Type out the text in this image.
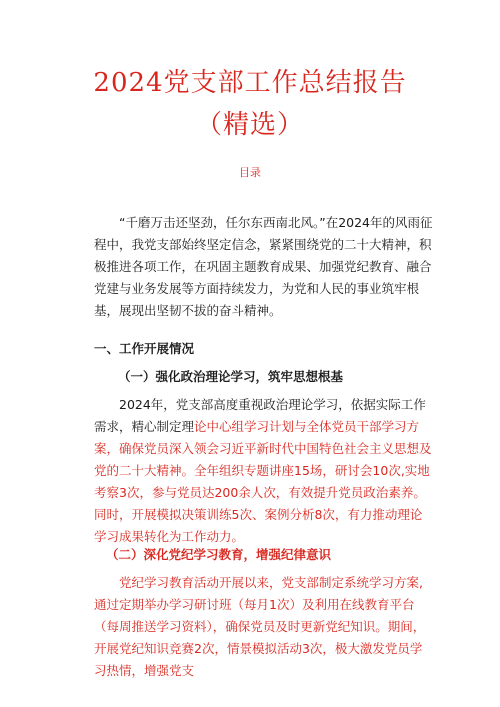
2024党支部工作总结报告
（精选）
目录

“千磨万击还坚劲，任尔东西南北风。”在2024年的风雨征程中，我党支部始终坚定信念，紧紧围绕党的二十大精神，积极推进各项工作，在巩固主题教育成果、加强党纪教育、融合党建与业务发展等方面持续发力，为党和人民的事业筑牢根基，展现出坚韧不拔的奋斗精神。

一、工作开展情况

（一）强化政治理论学习，筑牢思想根基

2024年，党支部高度重视政治理论学习，依据实际工作需求，精心制定理论中心组学习计划与全体党员干部学习方案，确保党员深入领会习近平新时代中国特色社会主义思想及党的二十大精神。全年组织专题讲座15场，研讨会10次,实地考察3次，参与党员达200余人次，有效提升党员政治素养。同时，开展模拟决策训练5次、案例分析8次，有力推动理论学习成果转化为工作动力。

（二）深化党纪学习教育，增强纪律意识

党纪学习教育活动开展以来，党支部制定系统学习方案,通过定期举办学习研讨班（每月1次）及利用在线教育平台（每周推送学习资料），确保党员及时更新党纪知识。期间，开展党纪知识竞赛2次，情景模拟活动3次，极大激发党员学习热情，增强党支
